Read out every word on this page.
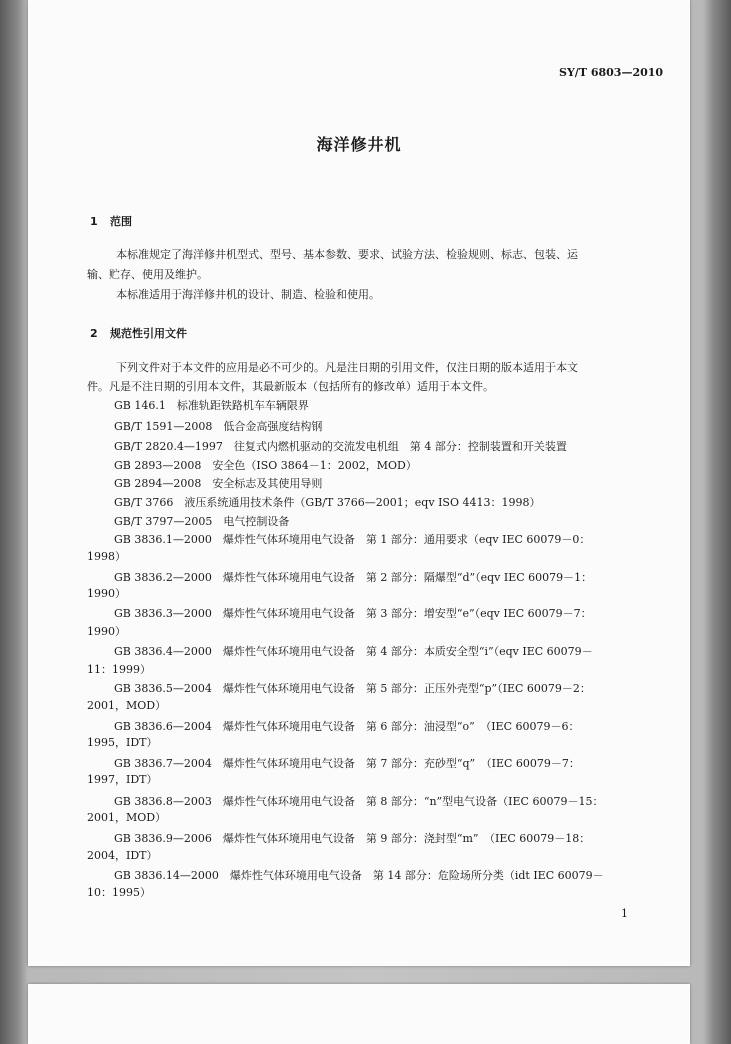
SY/T 6803—2010
海洋修井机
1 范围
本标准规定了海洋修井机型式、型号、基本参数、要求、试验方法、检验规则、标志、包装、运
输、贮存、使用及维护。
本标准适用于海洋修井机的设计、制造、检验和使用。
2 规范性引用文件
下列文件对于本文件的应用是必不可少的。凡是注日期的引用文件，仅注日期的版本适用于本文
件。凡是不注日期的引用本文件，其最新版本（包括所有的修改单）适用于本文件。
GB 146.1　标准轨距铁路机车车辆限界
GB/T 1591—2008　低合金高强度结构钢
GB/T 2820.4—1997　往复式内燃机驱动的交流发电机组　第 4 部分：控制装置和开关装置
GB 2893—2008　安全色（ISO 3864－1：2002，MOD）
GB 2894—2008　安全标志及其使用导则
GB/T 3766　液压系统通用技术条件（GB/T 3766—2001；eqv ISO 4413：1998）
GB/T 3797—2005　电气控制设备
GB 3836.1—2000　爆炸性气体环境用电气设备　第 1 部分：通用要求（eqv IEC 60079－0：
1998）
GB 3836.2—2000　爆炸性气体环境用电气设备　第 2 部分：隔爆型“d”（eqv IEC 60079－1：
1990）
GB 3836.3—2000　爆炸性气体环境用电气设备　第 3 部分：增安型“e”（eqv IEC 60079－7：
1990）
GB 3836.4—2000　爆炸性气体环境用电气设备　第 4 部分：本质安全型“i”（eqv IEC 60079－
11：1999）
GB 3836.5—2004　爆炸性气体环境用电气设备　第 5 部分：正压外壳型“p”（IEC 60079－2：
2001，MOD）
GB 3836.6—2004　爆炸性气体环境用电气设备　第 6 部分：油浸型“o”　（IEC 60079－6：
1995，IDT）
GB 3836.7—2004　爆炸性气体环境用电气设备　第 7 部分：充砂型“q”　（IEC 60079－7：
1997，IDT）
GB 3836.8—2003　爆炸性气体环境用电气设备　第 8 部分：“n”型电气设备（IEC 60079－15：
2001，MOD）
GB 3836.9—2006　爆炸性气体环境用电气设备　第 9 部分：浇封型“m”　（IEC 60079－18：
2004，IDT）
GB 3836.14—2000　爆炸性气体环境用电气设备　第 14 部分：危险场所分类（idt IEC 60079－
10：1995）
1
